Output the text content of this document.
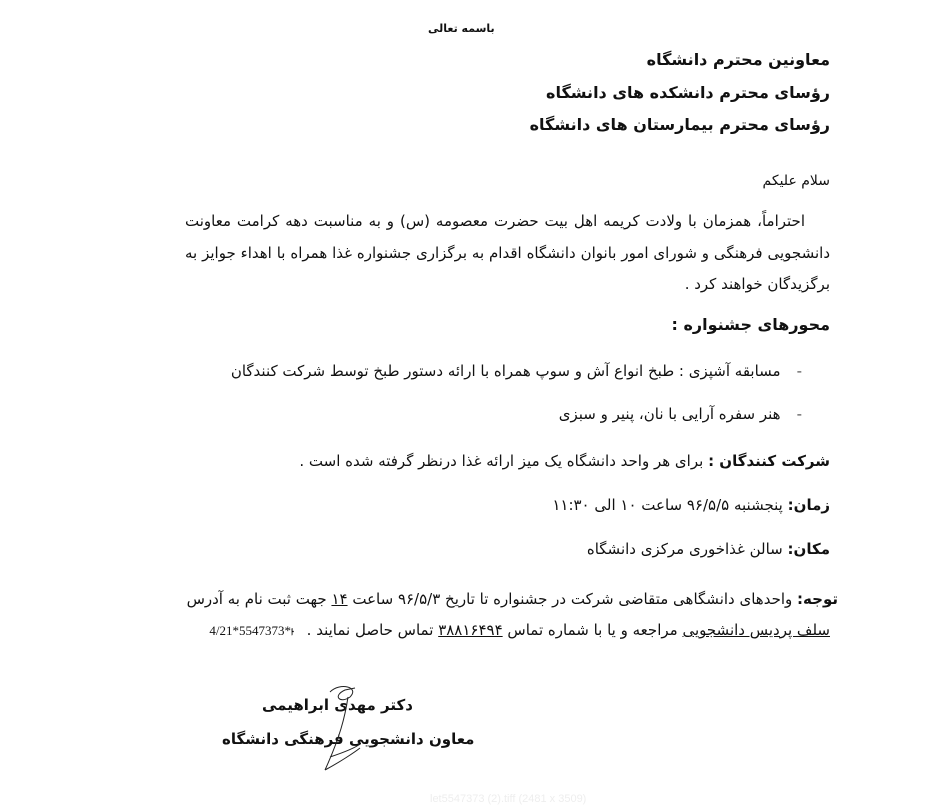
باسمه تعالی
معاونین محترم دانشگاه
رؤسای محترم دانشکده های دانشگاه
رؤسای محترم بیمارستان های دانشگاه
سلام علیکم

احتراماً، همزمان با ولادت کریمه اهل بیت حضرت معصومه (س) و به مناسبت دهه کرامت معاونت دانشجویی فرهنگی و شورای امور بانوان دانشگاه اقدام به برگزاری جشنواره غذا همراه با اهداء جوایز به برگزیدگان خواهند کرد .

محورهای جشنواره :
-مسابقه آشپزی : طبخ انواع آش و سوپ همراه با ارائه دستور طبخ توسط شرکت کنندگان
-هنر سفره آرایی با نان، پنیر و سبزی
شرکت کنندگان : برای هر واحد دانشگاه یک میز ارائه غذا درنظر گرفته شده است .
زمان: پنجشنبه ۹۶/۵/۵ ساعت ۱۰ الی ۱۱:۳۰
مکان: سالن غذاخوری مرکزی دانشگاه
توجه: واحدهای دانشگاهی متقاضی شرکت در جشنواره تا تاریخ ۹۶/۵/۳ ساعت ۱۴ جهت ثبت نام به آدرس
سلف پردیس دانشجویی مراجعه و یا با شماره تماس ۳۸۸۱۶۴۹۴ تماس حاصل نمایند . 4/21*ࡷ*5547373
دکتر مهدی ابراهیمی
معاون دانشجویی فرهنگی دانشگاه
let5547373 (2).tiff (2481 x 3509)
